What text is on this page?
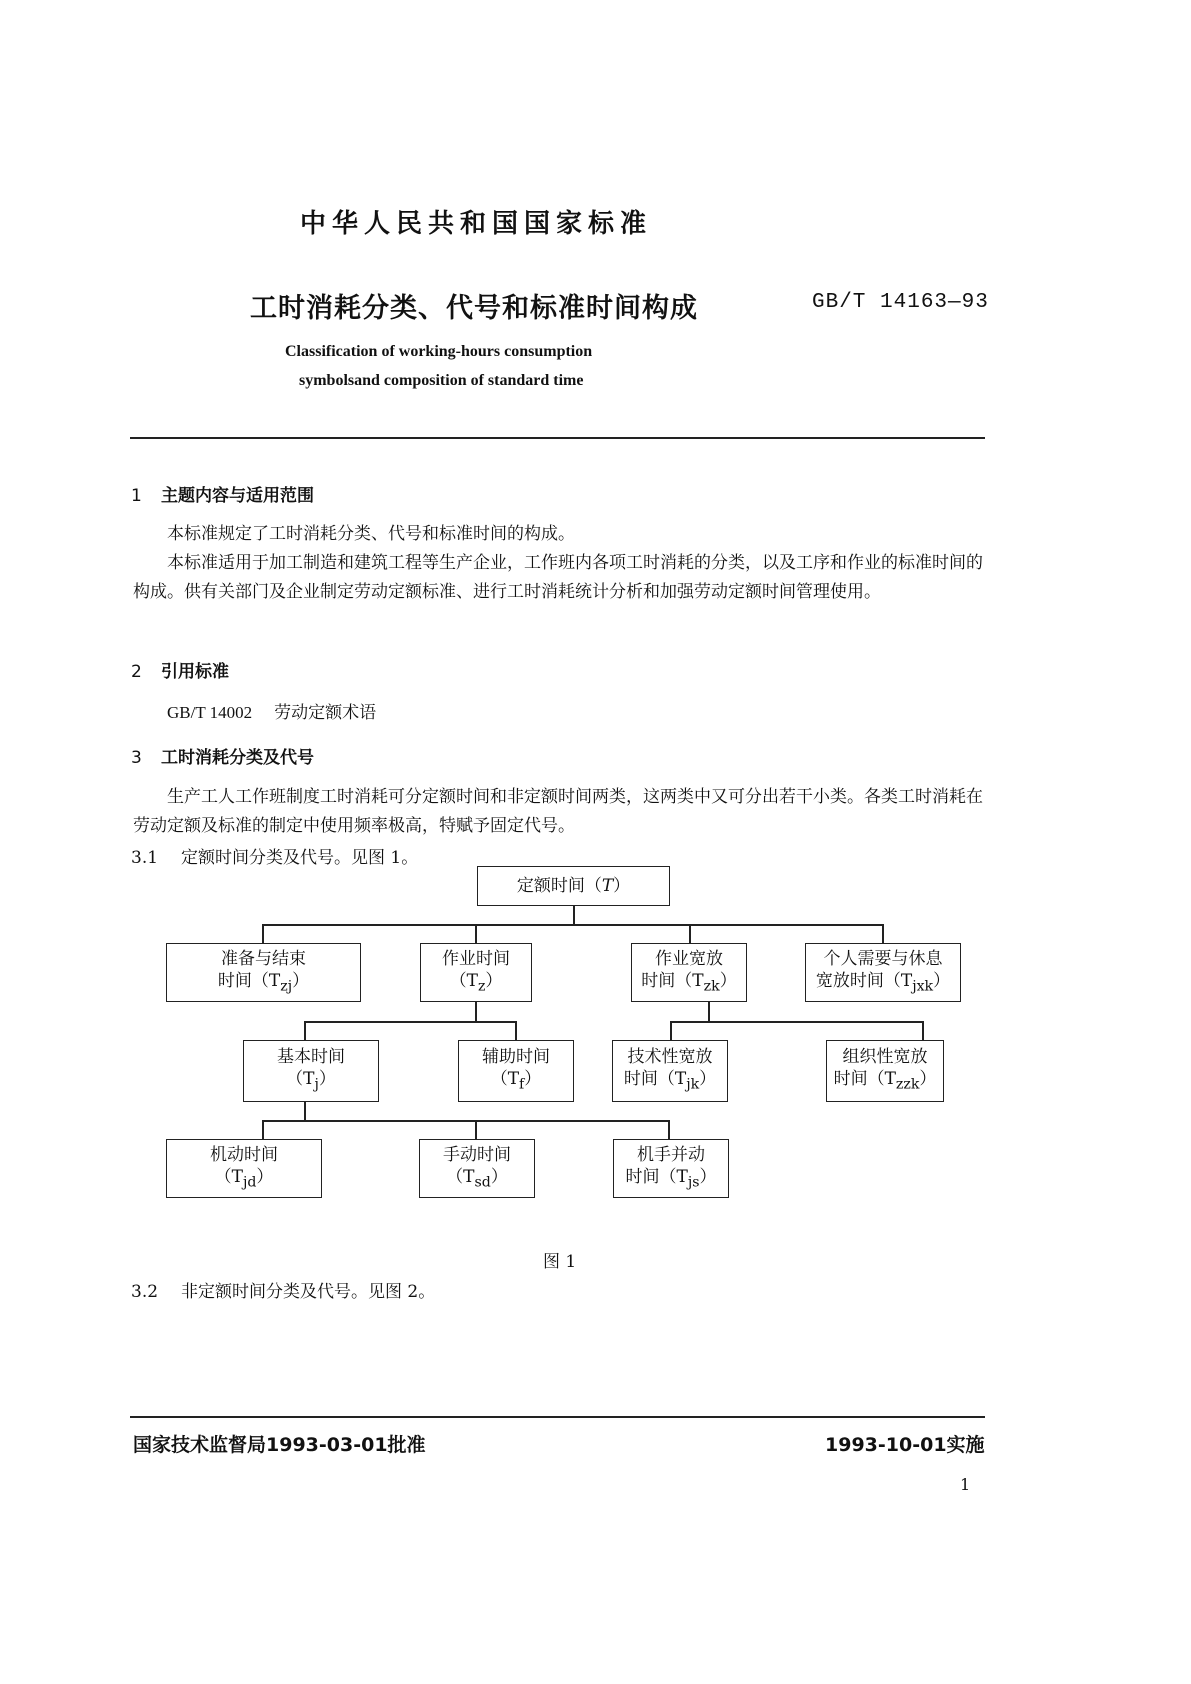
中华人民共和国国家标准
工时消耗分类、代号和标准时间构成	GB/T 14163—93
Classification of working-hours consumption
symbolsand composition of standard time
1 主题内容与适用范围
本标准规定了工时消耗分类、代号和标准时间的构成。
本标准适用于加工制造和建筑工程等生产企业，工作班内各项工时消耗的分类，以及工序和作业的标准时间的构成。供有关部门及企业制定劳动定额标准、进行工时消耗统计分析和加强劳动定额时间管理使用。
2 引用标准
GB/T 14002 劳动定额术语
3 工时消耗分类及代号
生产工人工作班制度工时消耗可分定额时间和非定额时间两类，这两类中又可分出若干小类。各类工时消耗在劳动定额及标准的制定中使用频率极高，特赋予固定代号。
3.1 定额时间分类及代号。见图 1。
定额时间（T）
准备与结束
时间$(T_{zj})$
作业时间
$(T_z)$
作业宽放
时间$(T_{zk})$
个人需要与休息
宽放时间$(T_{jxk})$
基本时间
$(T_j)$
辅助时间
$(T_f)$
技术性宽放
时间$(T_{jk})$
组织性宽放
时间$(T_{zzk})$
机动时间
$(T_{jd})$
手动时间
$(T_{sd})$
机手并动
时间$(T_{js})$
图 1
3.2 非定额时间分类及代号。见图 2。
国家技术监督局1993-03-01批准	1993-10-01实施
1
